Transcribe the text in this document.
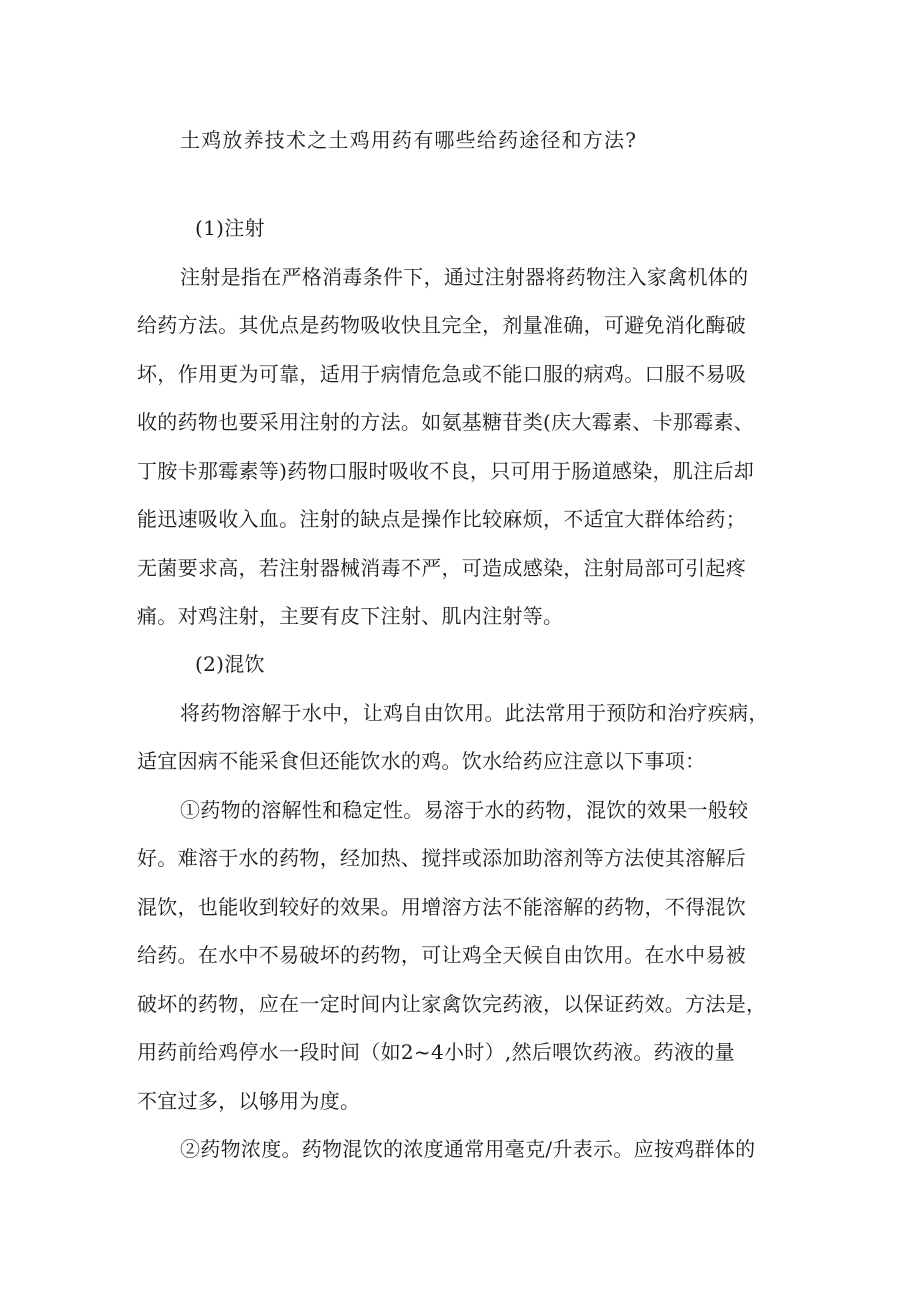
土鸡放养技术之土鸡用药有哪些给药途径和方法?
(1)注射
注射是指在严格消毒条件下，通过注射器将药物注入家禽机体的
给药方法。其优点是药物吸收快且完全，剂量准确，可避免消化酶破
坏，作用更为可靠，适用于病情危急或不能口服的病鸡。口服不易吸
收的药物也要采用注射的方法。如氨基糖苷类(庆大霉素、卡那霉素、
丁胺卡那霉素等)药物口服时吸收不良，只可用于肠道感染，肌注后却
能迅速吸收入血。注射的缺点是操作比较麻烦，不适宜大群体给药；
无菌要求高，若注射器械消毒不严，可造成感染，注射局部可引起疼
痛。对鸡注射，主要有皮下注射、肌内注射等。
(2)混饮
将药物溶解于水中，让鸡自由饮用。此法常用于预防和治疗疾病，
适宜因病不能采食但还能饮水的鸡。饮水给药应注意以下事项：
①药物的溶解性和稳定性。易溶于水的药物，混饮的效果一般较
好。难溶于水的药物，经加热、搅拌或添加助溶剂等方法使其溶解后
混饮，也能收到较好的效果。用增溶方法不能溶解的药物，不得混饮
给药。在水中不易破坏的药物，可让鸡全天候自由饮用。在水中易被
破坏的药物，应在一定时间内让家禽饮完药液，以保证药效。方法是，
用药前给鸡停水一段时间（如2~4小时）,然后喂饮药液。药液的量
不宜过多，以够用为度。
②药物浓度。药物混饮的浓度通常用毫克/升表示。应按鸡群体的
